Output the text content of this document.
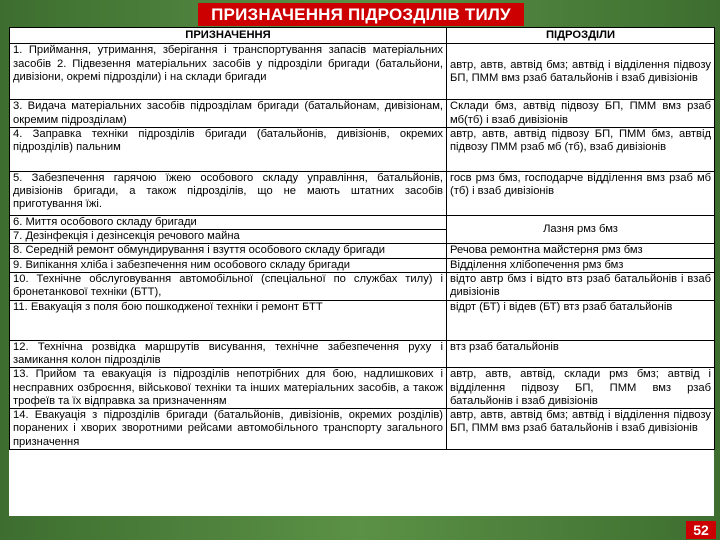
ПРИЗНАЧЕННЯ ПІДРОЗДІЛІВ ТИЛУ
ПРИЗНАЧЕННЯ	ПІДРОЗДІЛИ
1. Приймання, утримання, зберігання і транспортування запасів матеріальних засобів 2. Підвезення матеріальних засобів у підрозділи бригади (батальйони, дивізіони, окремі підрозділи) і на склади бригади	автр, автв, автвід бмз; автвід і відділення підвозу БП, ПММ вмз рзаб батальйонів і взаб дивізіонів
3. Видача матеріальних засобів підрозділам бригади (батальйонам, дивізіонам, окремим підрозділам)	Склади бмз, автвід підвозу БП, ПММ вмз рзаб мб(тб) і взаб дивізіонів
4. Заправка техніки підрозділів бригади (батальйонів, дивізіонів, окремих підрозділів) пальним	автр, автв, автвід підвозу БП, ПММ бмз, автвід підвозу ПММ рзаб мб (тб), взаб дивізіонів
5. Забезпечення гарячою їжею особового складу управління, батальйонів, дивізіонів бригади, а також підрозділів, що не мають штатних засобів приготування їжі.	госв рмз бмз, господарче відділення вмз рзаб мб (тб) і взаб дивізіонів
6. Миття особового складу бригади	Лазня рмз бмз
7. Дезінфекція і дезінсекція речового майна	
8. Середній ремонт обмундирування і взуття особового складу бригади	Речова ремонтна майстерня рмз бмз
9. Випікання хліба і забезпечення ним особового складу бригади	Відділення хлібопечення рмз бмз
10. Технічне обслуговування автомобільної (спеціальної по службах тилу) і бронетанкової техніки (БТТ),	відто автр бмз і відто втз рзаб батальйонів і взаб дивізіонів
11. Евакуація з поля бою пошкодженої техніки і ремонт БТТ	відрт (БТ) і відев (БТ) втз рзаб батальйонів
12. Технічна розвідка маршрутів висування, технічне забезпечення руху і замикання колон підрозділів	втз рзаб батальйонів
13. Прийом та евакуація із підрозділів непотрібних для бою, надлишкових і несправних озброєння, військової техніки та інших матеріальних засобів, а також трофеїв та їх відправка за призначенням	автр, автв, автвід, склади рмз бмз; автвід і відділення підвозу БП, ПММ вмз рзаб батальйонів і взаб дивізіонів
14. Евакуація з підрозділів бригади (батальйонів, дивізіонів, окремих розділів) поранених і хворих зворотними рейсами автомобільного транспорту загального призначення	автр, автв, автвід бмз; автвід і відділення підвозу БП, ПММ вмз рзаб батальйонів і взаб дивізіонів
52
